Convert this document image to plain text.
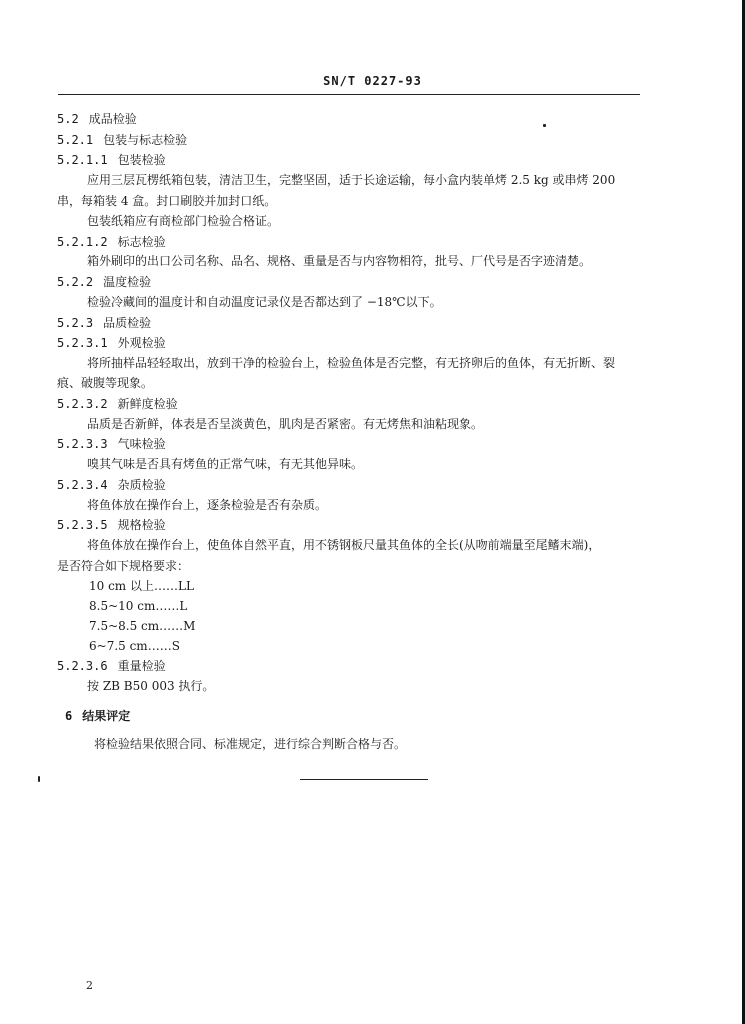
SN/T 0227-93
5.2 成品检验
5.2.1 包装与标志检验
5.2.1.1 包装检验
应用三层瓦楞纸箱包装，清洁卫生，完整坚固，适于长途运输，每小盒内装单烤 2.5 kg 或串烤 200
串，每箱装 4 盒。封口刷胶并加封口纸。
包装纸箱应有商检部门检验合格证。
5.2.1.2 标志检验
箱外刷印的出口公司名称、品名、规格、重量是否与内容物相符，批号、厂代号是否字迹清楚。
5.2.2 温度检验
检验冷藏间的温度计和自动温度记录仪是否都达到了 −18℃以下。
5.2.3 品质检验
5.2.3.1 外观检验
将所抽样品轻轻取出，放到干净的检验台上，检验鱼体是否完整，有无挤卵后的鱼体，有无折断、裂
痕、破腹等现象。
5.2.3.2 新鲜度检验
品质是否新鲜，体表是否呈淡黄色，肌肉是否紧密。有无烤焦和油粘现象。
5.2.3.3 气味检验
嗅其气味是否具有烤鱼的正常气味，有无其他异味。
5.2.3.4 杂质检验
将鱼体放在操作台上，逐条检验是否有杂质。
5.2.3.5 规格检验
将鱼体放在操作台上，使鱼体自然平直，用不锈钢板尺量其鱼体的全长(从吻前端量至尾鳍末端)，
是否符合如下规格要求：
10 cm 以上……LL
8.5~10 cm……L
7.5~8.5 cm……M
6~7.5 cm……S
5.2.3.6 重量检验
按 ZB B50 003 执行。
6 结果评定
将检验结果依照合同、标准规定，进行综合判断合格与否。
2
